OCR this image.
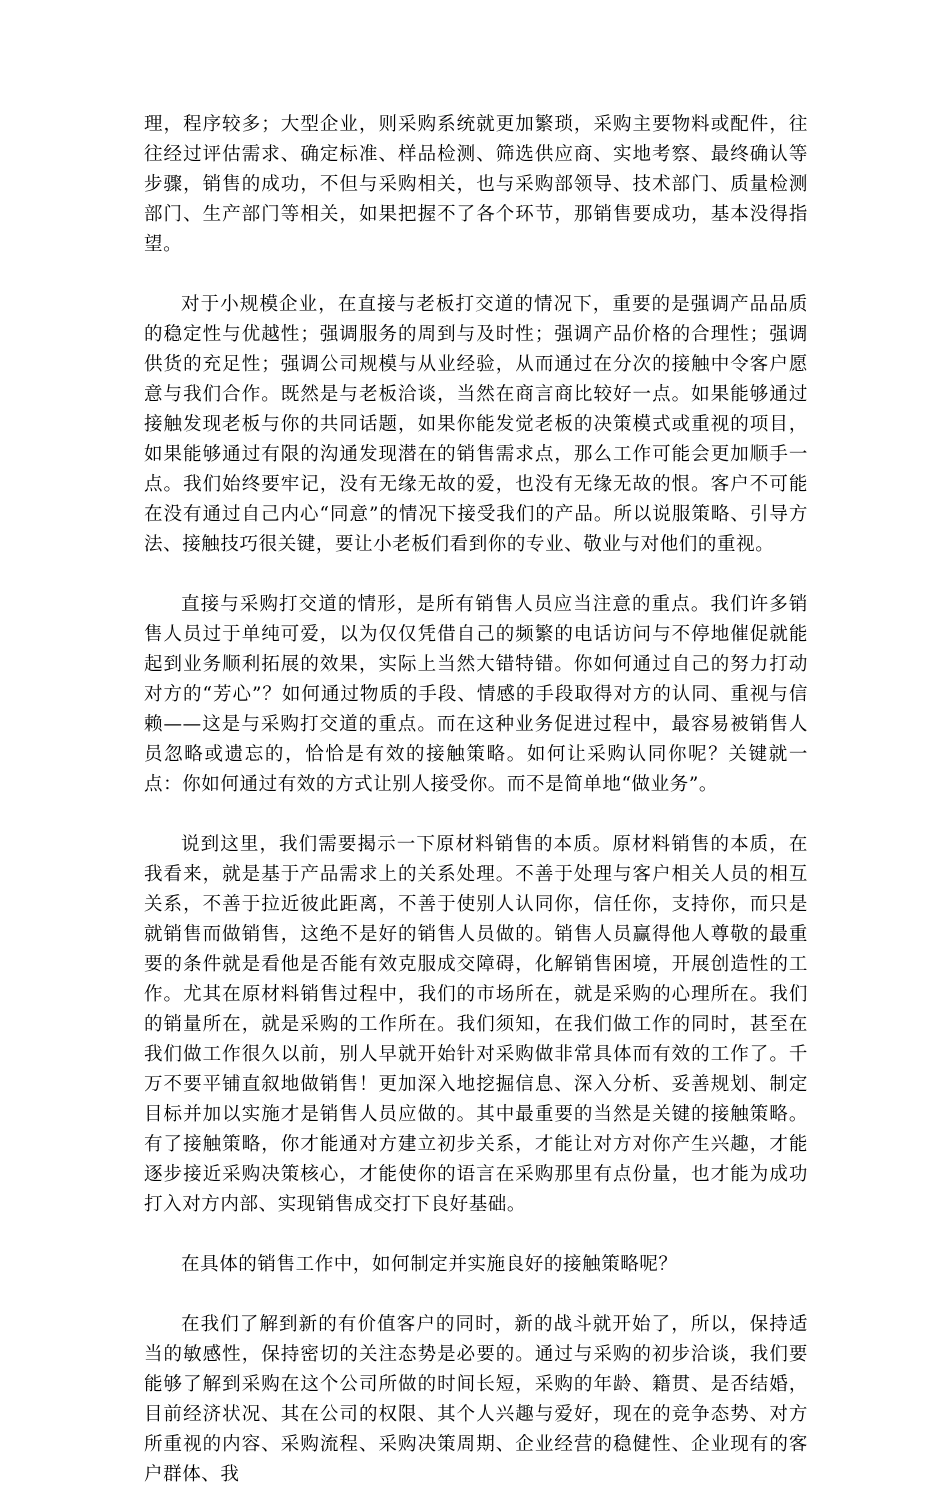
理，程序较多；大型企业，则采购系统就更加繁琐，采购主要物料或配件，往往经过评估需求、确定标准、样品检测、筛选供应商、实地考察、最终确认等步骤，销售的成功，不但与采购相关，也与采购部领导、技术部门、质量检测部门、生产部门等相关，如果把握不了各个环节，那销售要成功，基本没得指望。

对于小规模企业，在直接与老板打交道的情况下，重要的是强调产品品质的稳定性与优越性；强调服务的周到与及时性；强调产品价格的合理性；强调供货的充足性；强调公司规模与从业经验，从而通过在分次的接触中令客户愿意与我们合作。既然是与老板洽谈，当然在商言商比较好一点。如果能够通过接触发现老板与你的共同话题，如果你能发觉老板的决策模式或重视的项目，如果能够通过有限的沟通发现潜在的销售需求点，那么工作可能会更加顺手一点。我们始终要牢记，没有无缘无故的爱，也没有无缘无故的恨。客户不可能在没有通过自己内心“同意”的情况下接受我们的产品。所以说服策略、引导方法、接触技巧很关键，要让小老板们看到你的专业、敬业与对他们的重视。

直接与采购打交道的情形，是所有销售人员应当注意的重点。我们许多销售人员过于单纯可爱，以为仅仅凭借自己的频繁的电话访问与不停地催促就能起到业务顺利拓展的效果，实际上当然大错特错。你如何通过自己的努力打动对方的“芳心”？如何通过物质的手段、情感的手段取得对方的认同、重视与信赖——这是与采购打交道的重点。而在这种业务促进过程中，最容易被销售人员忽略或遗忘的，恰恰是有效的接触策略。如何让采购认同你呢？关键就一点：你如何通过有效的方式让别人接受你。而不是简单地“做业务”。

说到这里，我们需要揭示一下原材料销售的本质。原材料销售的本质，在我看来，就是基于产品需求上的关系处理。不善于处理与客户相关人员的相互关系，不善于拉近彼此距离，不善于使别人认同你，信任你，支持你，而只是就销售而做销售，这绝不是好的销售人员做的。销售人员赢得他人尊敬的最重要的条件就是看他是否能有效克服成交障碍，化解销售困境，开展创造性的工作。尤其在原材料销售过程中，我们的市场所在，就是采购的心理所在。我们的销量所在，就是采购的工作所在。我们须知，在我们做工作的同时，甚至在我们做工作很久以前，别人早就开始针对采购做非常具体而有效的工作了。千万不要平铺直叙地做销售！更加深入地挖掘信息、深入分析、妥善规划、制定目标并加以实施才是销售人员应做的。其中最重要的当然是关键的接触策略。有了接触策略，你才能通对方建立初步关系，才能让对方对你产生兴趣，才能逐步接近采购决策核心，才能使你的语言在采购那里有点份量，也才能为成功打入对方内部、实现销售成交打下良好基础。

在具体的销售工作中，如何制定并实施良好的接触策略呢？

在我们了解到新的有价值客户的同时，新的战斗就开始了，所以，保持适当的敏感性，保持密切的关注态势是必要的。通过与采购的初步洽谈，我们要能够了解到采购在这个公司所做的时间长短，采购的年龄、籍贯、是否结婚，目前经济状况、其在公司的权限、其个人兴趣与爱好，现在的竞争态势、对方所重视的内容、采购流程、采购决策周期、企业经营的稳健性、企业现有的客户群体、我
